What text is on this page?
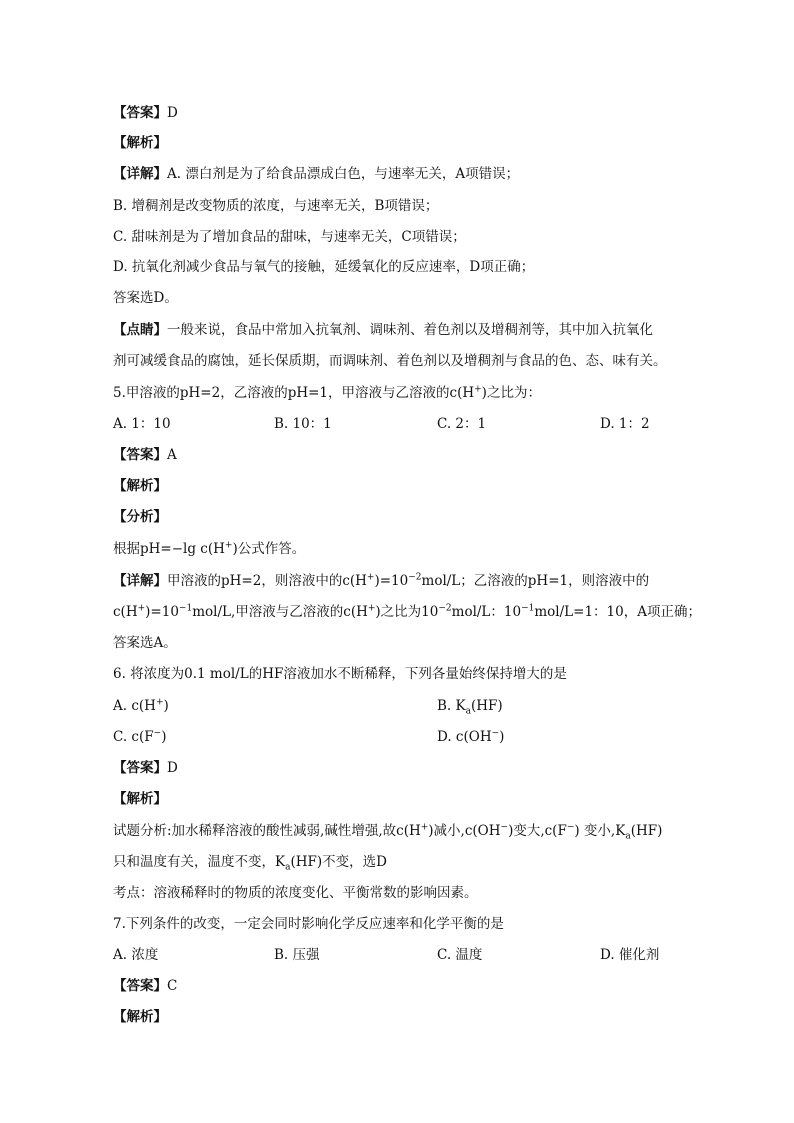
【答案】D
【解析】
【详解】A. 漂白剂是为了给食品漂成白色，与速率无关，A项错误；
B. 增稠剂是改变物质的浓度，与速率无关，B项错误；
C. 甜味剂是为了增加食品的甜味，与速率无关，C项错误；
D. 抗氧化剂减少食品与氧气的接触，延缓氧化的反应速率，D项正确；
答案选D。
【点睛】一般来说，食品中常加入抗氧剂、调味剂、着色剂以及增稠剂等，其中加入抗氧化
剂可减缓食品的腐蚀，延长保质期，而调味剂、着色剂以及增稠剂与食品的色、态、味有关。
5.甲溶液的pH=2，乙溶液的pH=1，甲溶液与乙溶液的c(H+)之比为：
A. 1：10	B. 10：1	C. 2：1	D. 1：2
【答案】A
【解析】
【分析】
根据pH=−lg c(H+)公式作答。
【详解】甲溶液的pH=2，则溶液中的$c(H^+)=10^{-2}mol/L$；乙溶液的pH=1，则溶液中的
$c(H^+)=10^{-1}mol/L$,甲溶液与乙溶液的c(H+)之比为$10^{-2}mol/L$：$10^{-1}mol/L=1$：10，A项正确；
答案选A。
6. 将浓度为0.1 mol/L的HF溶液加水不断稀释，下列各量始终保持增大的是
A. c(H+)	B. $K_a(HF)$
C. c(F−)	D. c(OH−)
【答案】D
【解析】
试题分析:加水稀释溶液的酸性减弱,碱性增强,故c(H+)减小,c(OH−)变大,c(F−) 变小$,K_a(HF)$
只和温度有关，温度不变，$K_a(HF)$不变，选D
考点：溶液稀释时的物质的浓度变化、平衡常数的影响因素。
7.下列条件的改变，一定会同时影响化学反应速率和化学平衡的是
A. 浓度	B. 压强	C. 温度	D. 催化剂
【答案】C
【解析】
